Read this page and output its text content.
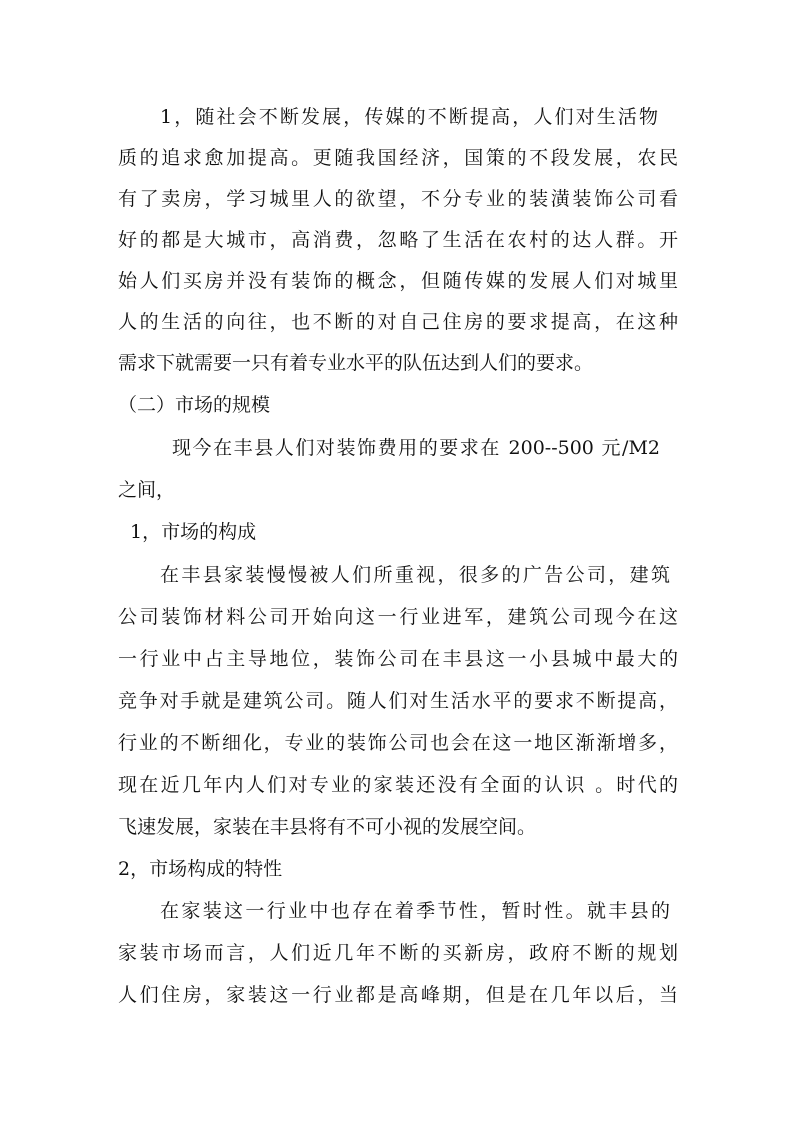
1，随社会不断发展，传媒的不断提高，人们对生活物
质的追求愈加提高。更随我国经济，国策的不段发展，农民
有了卖房，学习城里人的欲望，不分专业的装潢装饰公司看
好的都是大城市，高消费，忽略了生活在农村的达人群。开
始人们买房并没有装饰的概念，但随传媒的发展人们对城里
人的生活的向往，也不断的对自己住房的要求提高，在这种
需求下就需要一只有着专业水平的队伍达到人们的要求。
（二）市场的规模
现今在丰县人们对装饰费用的要求在 200--500 元/M2
之间，
1，市场的构成
在丰县家装慢慢被人们所重视，很多的广告公司，建筑
公司装饰材料公司开始向这一行业进军，建筑公司现今在这
一行业中占主导地位，装饰公司在丰县这一小县城中最大的
竞争对手就是建筑公司。随人们对生活水平的要求不断提高，
行业的不断细化，专业的装饰公司也会在这一地区渐渐增多，
现在近几年内人们对专业的家装还没有全面的认识 。时代的
飞速发展，家装在丰县将有不可小视的发展空间。
2，市场构成的特性
在家装这一行业中也存在着季节性，暂时性。就丰县的
家装市场而言，人们近几年不断的买新房，政府不断的规划
人们住房，家装这一行业都是高峰期，但是在几年以后，当
